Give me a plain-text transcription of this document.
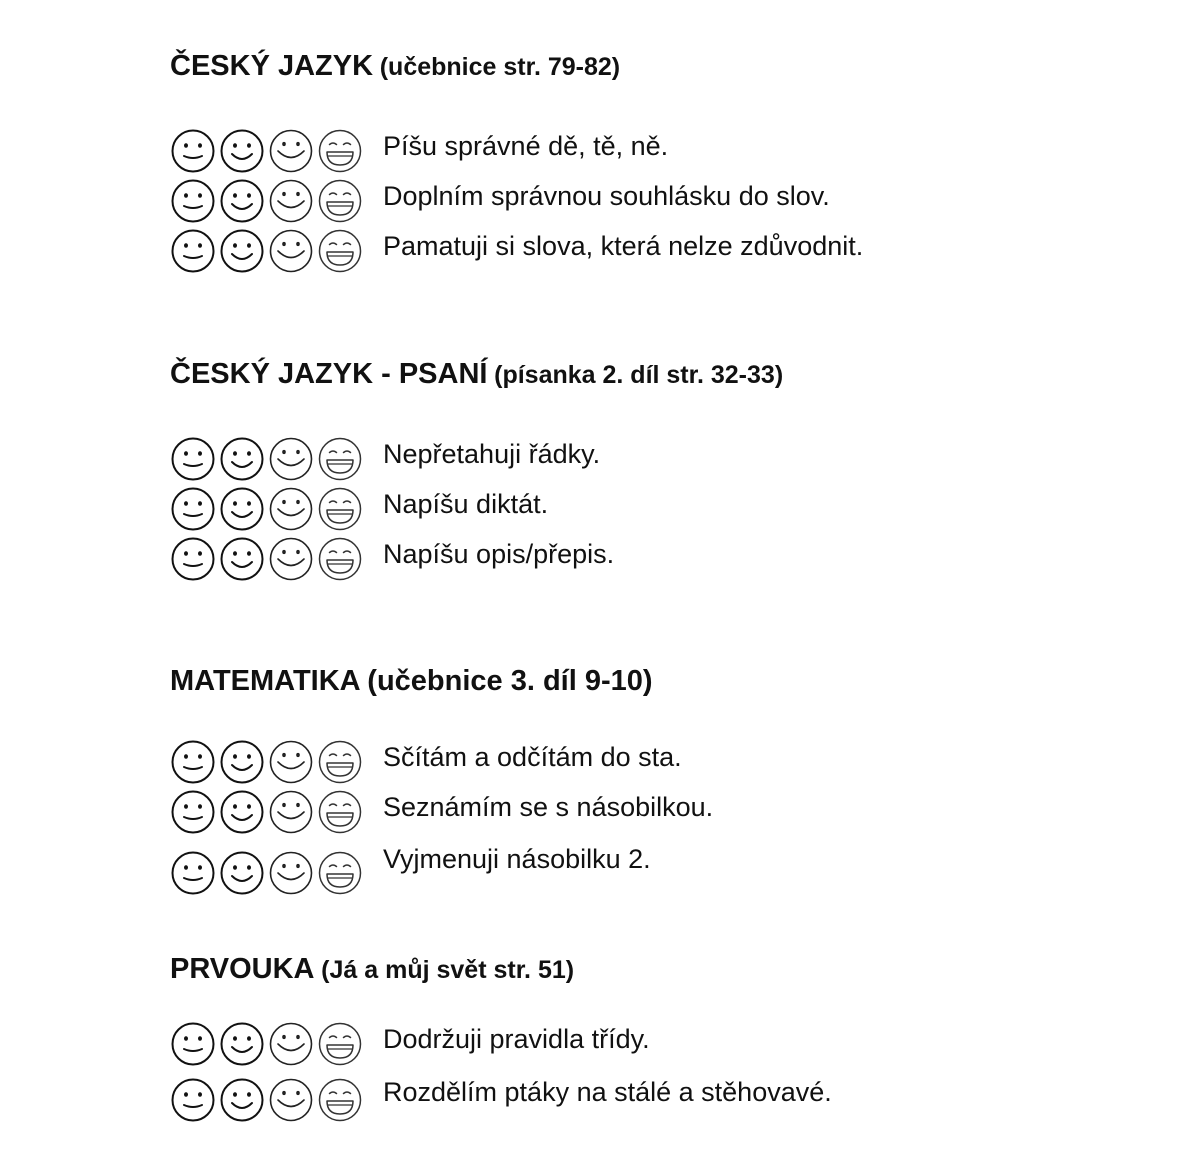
ČESKÝ JAZYK (učebnice str. 79-82)
Píšu správné dě, tě, ně.
Doplním správnou souhlásku do slov.
Pamatuji si slova, která nelze zdůvodnit.
ČESKÝ JAZYK - PSANÍ (písanka 2. díl str. 32-33)
Nepřetahuji řádky.
Napíšu diktát.
Napíšu opis/přepis.
MATEMATIKA (učebnice 3. díl 9-10)
Sčítám a odčítám do sta.
Seznámím se s násobilkou.
Vyjmenuji násobilku 2.
PRVOUKA (Já a můj svět str. 51)
Dodržuji pravidla třídy.
Rozdělím ptáky na stálé a stěhovavé.
